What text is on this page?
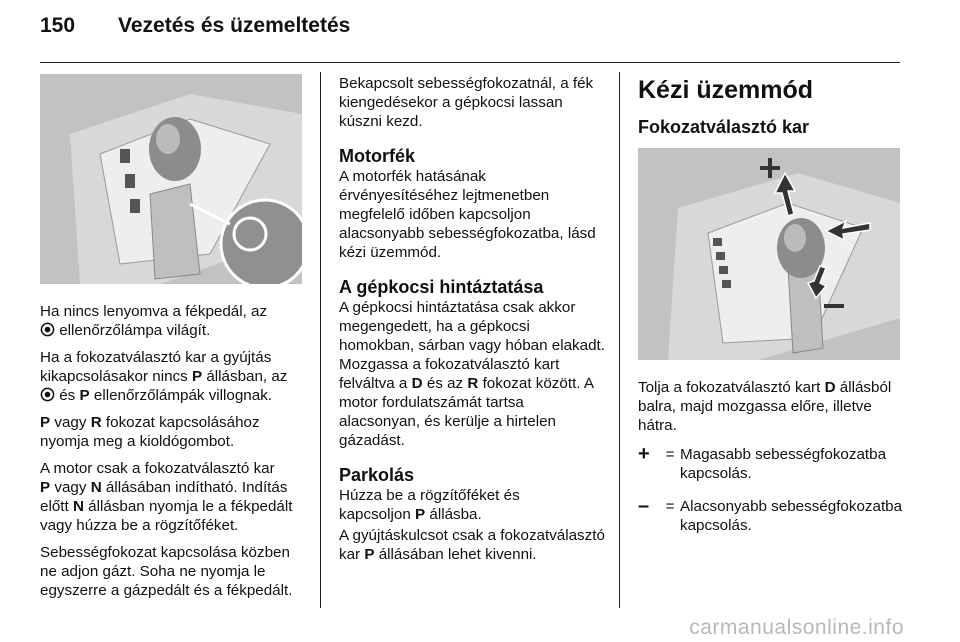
150 Vezetés és üzemeltetés

Ha nincs lenyomva a fékpedál, az
ellenőrzőlámpa világít.

Ha a fokozatválasztó kar a gyújtás kikapcsolásakor nincs P állásban, az
és P ellenőrzőlámpák villognak.

P vagy R fokozat kapcsolásához nyomja meg a kioldógombot.

A motor csak a fokozatválasztó kar
P vagy N állásában indítható. Indítás előtt N állásban nyomja le a fékpedált vagy húzza be a rögzítőféket.

Sebességfokozat kapcsolása közben ne adjon gázt. Soha ne nyomja le egyszerre a gázpedált és a fékpedált.

Bekapcsolt sebességfokozatnál, a fék kiengedésekor a gépkocsi lassan kúszni kezd.

Motorfék

A motorfék hatásának érvényesítéséhez lejtmenetben megfelelő időben kapcsoljon alacsonyabb sebességfokozatba, lásd kézi üzemmód.

A gépkocsi hintáztatása

A gépkocsi hintáztatása csak akkor megengedett, ha a gépkocsi homokban, sárban vagy hóban elakadt. Mozgassa a fokozatválasztó kart felváltva a D és az R fokozat között. A motor fordulatszámát tartsa alacsonyan, és kerülje a hirtelen gázadást.

Parkolás

Húzza be a rögzítőféket és
kapcsoljon P állásba.

A gyújtáskulcsot csak a fokozatválasztó kar P állásában lehet kivenni.

Kézi üzemmód
Fokozatválasztó kar

Tolja a fokozatválasztó kart D állásból balra, majd mozgassa előre, illetve hátra.

+	= Magasabb sebességfokozatba kapcsolás.
–	= Alacsonyabb sebességfokozatba kapcsolás.
carmanualsonline.info
